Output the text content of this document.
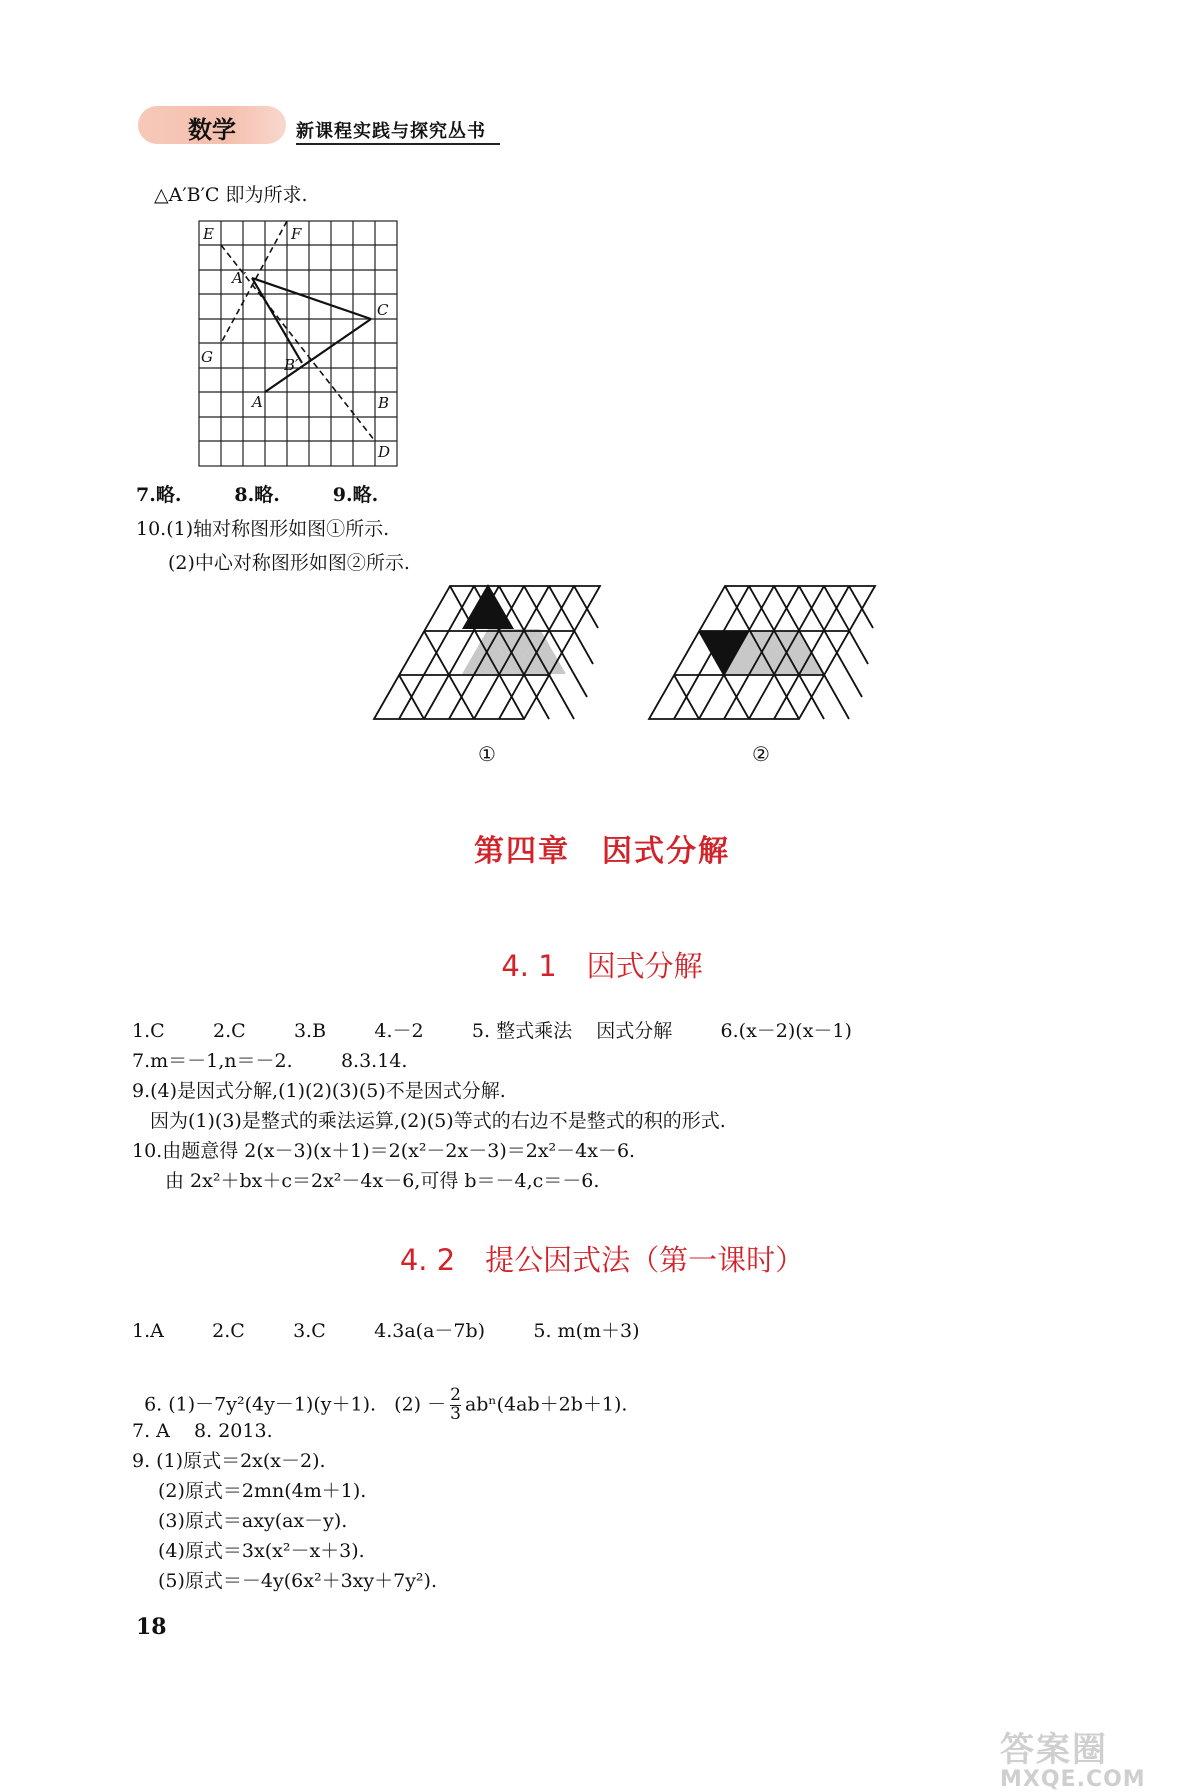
数学	新课程实践与探究丛书
△A′B′C 即为所求.
E	F
A′
C
G	B′
A	B
D
7.略.        8.略.        9.略.
10.(1)轴对称图形如图①所示.
(2)中心对称图形如图②所示.
①	②
第四章　因式分解
4. 1 因式分解
1.C        2.C        3.B        4.－2        5. 整式乘法    因式分解        6.(x－2)(x－1)
7.m＝－1,n＝－2.        8.3.14.
9.(4)是因式分解,(1)(2)(3)(5)不是因式分解.
因为(1)(3)是整式的乘法运算,(2)(5)等式的右边不是整式的积的形式.
10.由题意得 2(x－3)(x＋1)＝2(x²－2x－3)＝2x²－4x－6.
由 2x²＋bx＋c＝2x²－4x－6,可得 b＝－4,c＝－6.
4. 2 提公因式法（第一课时）
1.A        2.C        3.C        4.3a(a－7b)        5. m(m＋3)

6. (1)－7y²(4y－1)(y＋1).   $(2) - \frac{2}{3} ab^n(4ab+2b+1)$.

7. A    8. 2013.
9. (1)原式＝2x(x－2).
(2)原式＝2mn(4m＋1).
(3)原式＝axy(ax－y).
(4)原式＝3x(x²－x＋3).
(5)原式＝－4y(6x²＋3xy＋7y²).
18
答案圈
MXQE.COM
